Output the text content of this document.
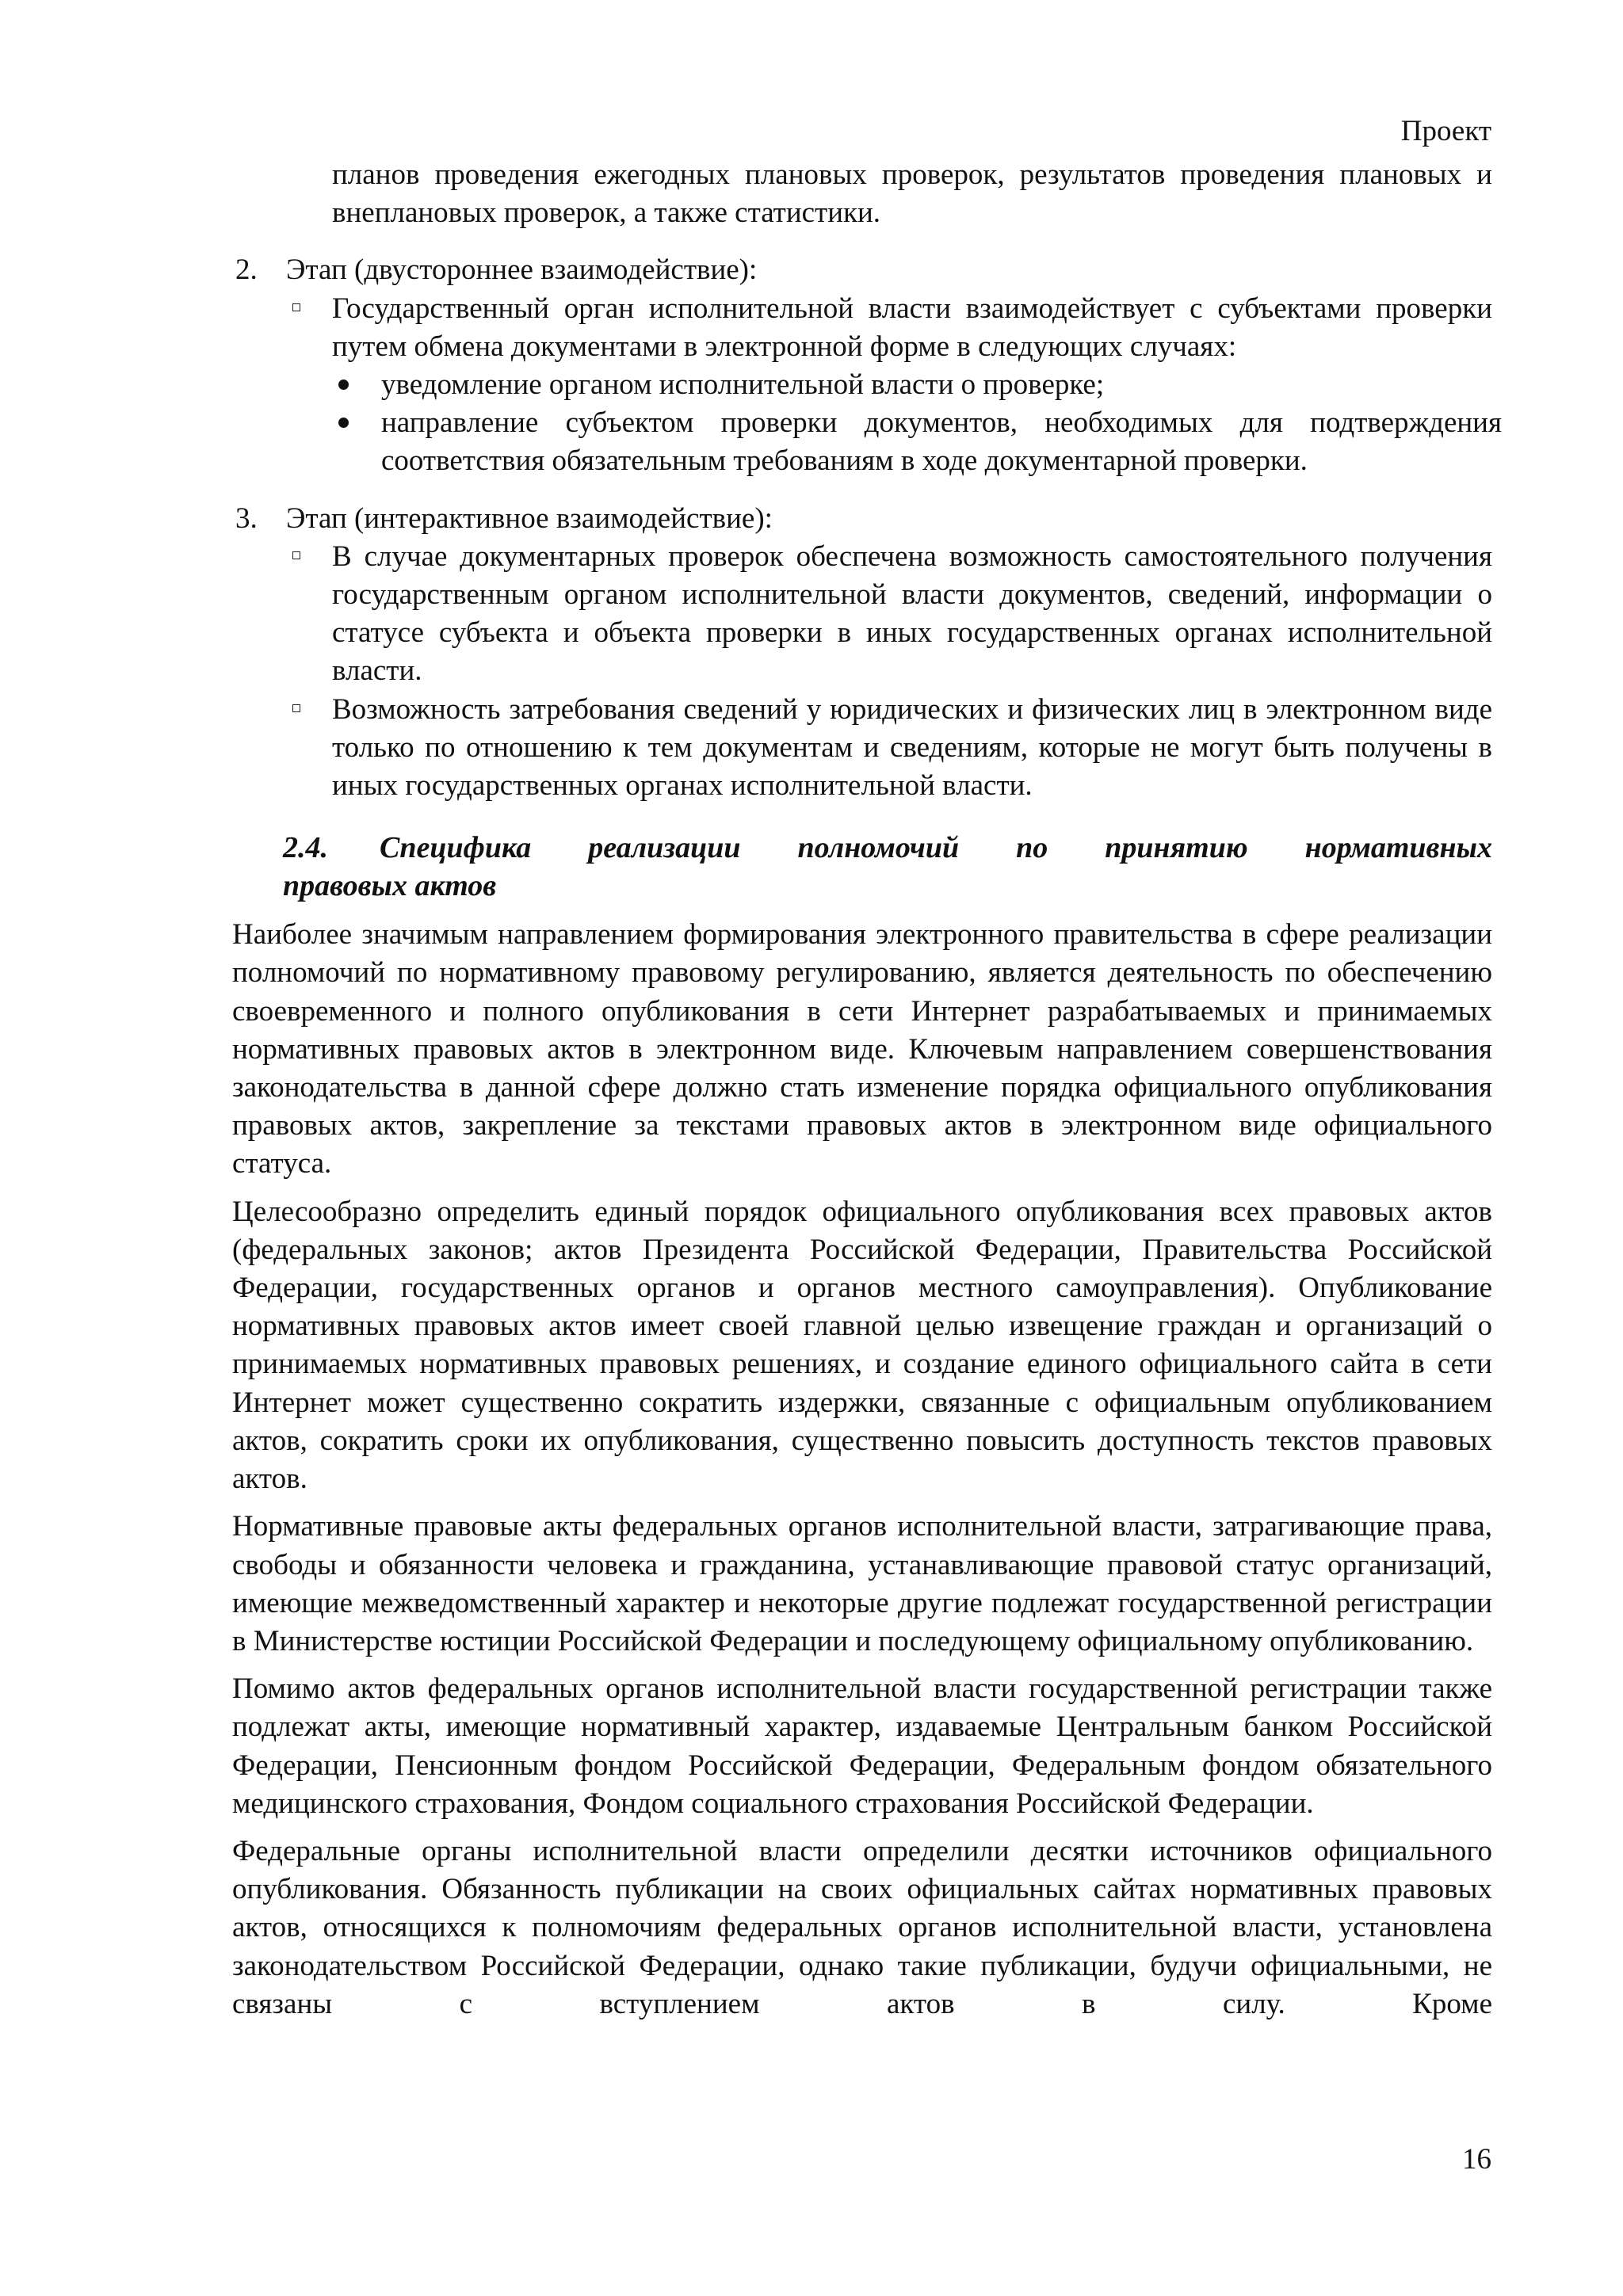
Проект

планов проведения ежегодных плановых проверок, результатов проведения плановых и внеплановых проверок, а также статистики.

2. Этап (двустороннее взаимодействие):
Государственный орган исполнительной власти взаимодействует с субъектами проверки путем обмена документами в электронной форме в следующих случаях:
уведомление органом исполнительной власти о проверке;
направление субъектом проверки документов, необходимых для подтверждения соответствия обязательным требованиям в ходе документарной проверки.
3. Этап (интерактивное взаимодействие):
В случае документарных проверок обеспечена возможность самостоятельного получения государственным органом исполнительной власти документов, сведений, информации о статусе субъекта и объекта проверки в иных государственных органах исполнительной власти.
Возможность затребования сведений у юридических и физических лиц в электронном виде только по отношению к тем документам и сведениям, которые не могут быть получены в иных государственных органах исполнительной власти.
2.4.	Специфика реализации полномочий по принятию нормативных
правовых актов

Наиболее значимым направлением формирования электронного правительства в сфере реализации полномочий по нормативному правовому регулированию, является деятельность по обеспечению своевременного и полного опубликования в сети Интернет разрабатываемых и принимаемых нормативных правовых актов в электронном виде. Ключевым направлением совершенствования законодательства в данной сфере должно стать изменение порядка официального опубликования правовых актов, закрепление за текстами правовых актов в электронном виде официального статуса.

Целесообразно определить единый порядок официального опубликования всех правовых актов (федеральных законов; актов Президента Российской Федерации, Правительства Российской Федерации, государственных органов и органов местного самоуправления). Опубликование нормативных правовых актов имеет своей главной целью извещение граждан и организаций о принимаемых нормативных правовых решениях, и создание единого официального сайта в сети Интернет может существенно сократить издержки, связанные с официальным опубликованием актов, сократить сроки их опубликования, существенно повысить доступность текстов правовых актов.

Нормативные правовые акты федеральных органов исполнительной власти, затрагивающие права, свободы и обязанности человека и гражданина, устанавливающие правовой статус организаций, имеющие межведомственный характер и некоторые другие подлежат государственной регистрации в Министерстве юстиции Российской Федерации и последующему официальному опубликованию.

Помимо актов федеральных органов исполнительной власти государственной регистрации также подлежат акты, имеющие нормативный характер, издаваемые Центральным банком Российской Федерации, Пенсионным фондом Российской Федерации, Федеральным фондом обязательного медицинского страхования, Фондом социального страхования Российской Федерации.

Федеральные органы исполнительной власти определили десятки источников официального опубликования. Обязанность публикации на своих официальных сайтах нормативных правовых актов, относящихся к полномочиям федеральных органов исполнительной власти, установлена законодательством Российской Федерации, однако такие публикации, будучи официальными, не связаны с вступлением актов в силу. Кроме

16
